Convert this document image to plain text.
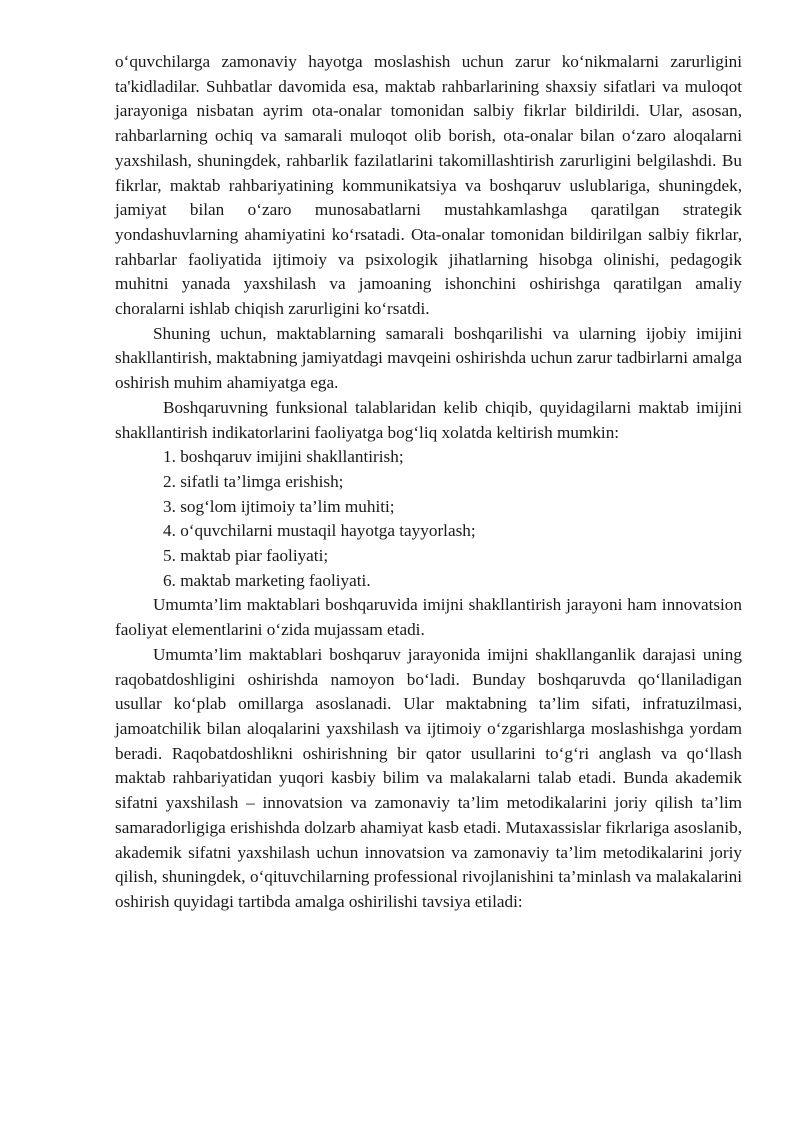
o‘quvchilarga zamonaviy hayotga moslashish uchun zarur ko‘nikmalarni zarurligini ta'kidladilar. Suhbatlar davomida esa, maktab rahbarlarining shaxsiy sifatlari va muloqot jarayoniga nisbatan ayrim ota-onalar tomonidan salbiy fikrlar bildirildi. Ular, asosan, rahbarlarning ochiq va samarali muloqot olib borish, ota-onalar bilan o‘zaro aloqalarni yaxshilash, shuningdek, rahbarlik fazilatlarini takomillashtirish zarurligini belgilashdi. Bu fikrlar, maktab rahbariyatining kommunikatsiya va boshqaruv uslublariga, shuningdek, jamiyat bilan o‘zaro munosabatlarni mustahkamlashga qaratilgan strategik yondashuvlarning ahamiyatini ko‘rsatadi. Ota-onalar tomonidan bildirilgan salbiy fikrlar, rahbarlar faoliyatida ijtimoiy va psixologik jihatlarning hisobga olinishi, pedagogik muhitni yanada yaxshilash va jamoaning ishonchini oshirishga qaratilgan amaliy choralarni ishlab chiqish zarurligini ko‘rsatdi.

Shuning uchun, maktablarning samarali boshqarilishi va ularning ijobiy imijini shakllantirish, maktabning jamiyatdagi mavqeini oshirishda uchun zarur tadbirlarni amalga oshirish muhim ahamiyatga ega.

Boshqaruvning funksional talablaridan kelib chiqib, quyidagilarni maktab imijini shakllantirish indikatorlarini faoliyatga bog‘liq xolatda keltirish mumkin:

1. boshqaruv imijini shakllantirish;
2. sifatli ta’limga erishish;
3. sog‘lom ijtimoiy ta’lim muhiti;
4. o‘quvchilarni mustaqil hayotga tayyorlash;
5. maktab piar faoliyati;
6. maktab marketing faoliyati.

Umumta’lim maktablari boshqaruvida imijni shakllantirish jarayoni ham innovatsion faoliyat elementlarini o‘zida mujassam etadi.

Umumta’lim maktablari boshqaruv jarayonida imijni shakllanganlik darajasi uning raqobatdoshligini oshirishda namoyon bo‘ladi. Bunday boshqaruvda qo‘llaniladigan usullar ko‘plab omillarga asoslanadi. Ular maktabning ta’lim sifati, infratuzilmasi, jamoatchilik bilan aloqalarini yaxshilash va ijtimoiy o‘zgarishlarga moslashishga yordam beradi. Raqobatdoshlikni oshirishning bir qator usullarini to‘g‘ri anglash va qo‘llash maktab rahbariyatidan yuqori kasbiy bilim va malakalarni talab etadi. Bunda akademik sifatni yaxshilash – innovatsion va zamonaviy ta’lim metodikalarini joriy qilish ta’lim samaradorligiga erishishda dolzarb ahamiyat kasb etadi. Mutaxassislar fikrlariga asoslanib, akademik sifatni yaxshilash uchun innovatsion va zamonaviy ta’lim metodikalarini joriy qilish, shuningdek, o‘qituvchilarning professional rivojlanishini ta’minlash va malakalarini oshirish quyidagi tartibda amalga oshirilishi tavsiya etiladi:
